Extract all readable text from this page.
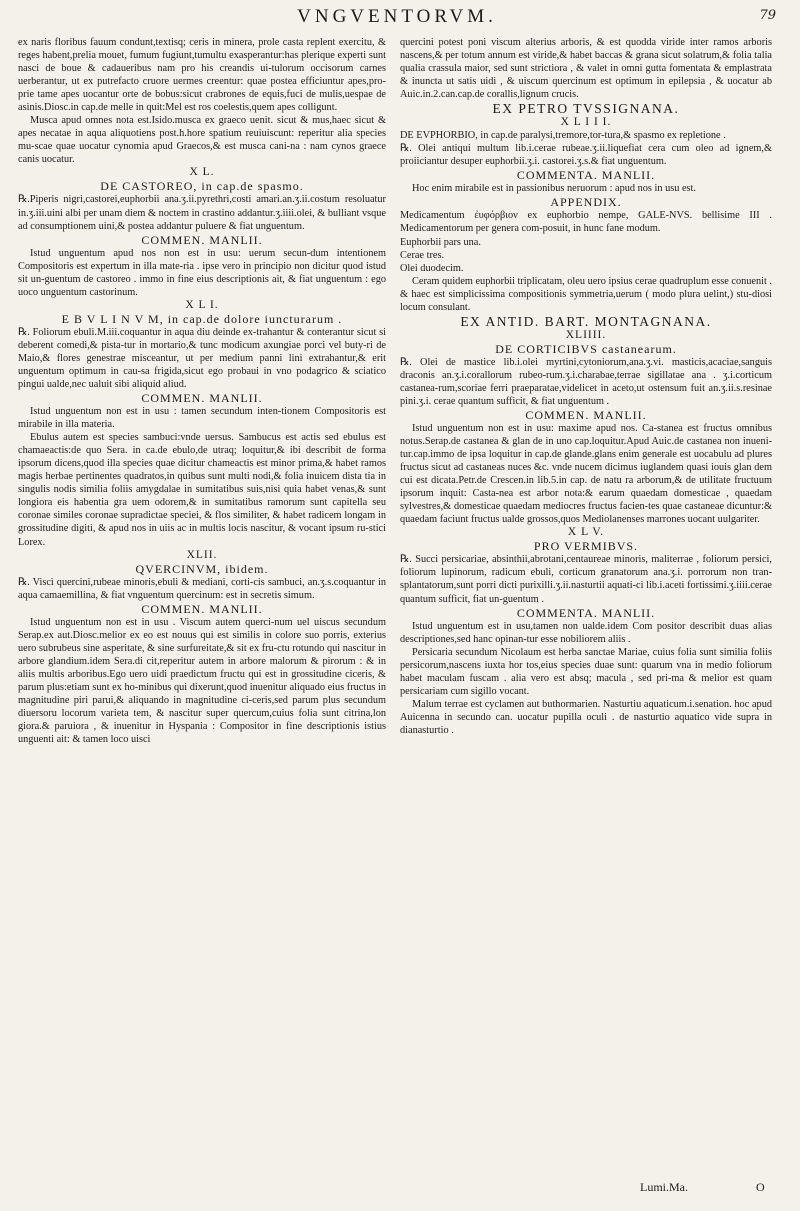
VNGVENTORVM.	79

ex naris floribus fauum condunt,textisq; ceris in minera, prole casta replent exercitu, & reges habent,prelia mouet, fumum fugiunt,tumultu exasperantur:has plerique experti sunt nasci de boue & cadaueribus nam pro his creandis ui-tulorum occisorum carnes uerberantur, ut ex putrefacto cruore uermes creentur: quae postea efficiuntur apes,pro-prie tame apes uocantur orte de bobus:sicut crabrones de equis,fuci de mulis,uespae de asinis.Diosc.in cap.de melle in quit:Mel est ros coelestis,quem apes colligunt.

Musca apud omnes nota est.Isido.musca ex graeco uenit. sicut & mus,haec sicut & apes necatae in aqua aliquotiens post.h.hore spatium reuiuiscunt: reperitur alia species mu-scae quae uocatur cynomia apud Graecos,& est musca cani-na : nam cynos graece canis uocatur.

X L.

DE CASTOREO, in cap.de spasmo.

℞.Piperis nigri,castorei,euphorbii ana.ʒ.ii.pyrethri,costi amari.an.ʒ.ii.costum resoluatur in.ʒ.iii.uini albi per unam diem & noctem in crastino addantur.ʒ.iiii.olei, & bulliant vsque ad consumptionem uini,& postea addantur puluere & fiat unguentum.

COMMEN. MANLII.

Istud unguentum apud nos non est in usu: uerum secun-dum intentionem Compositoris est expertum in illa mate-ria . ipse vero in principio non dicitur quod istud sit un-guentum de castoreo . immo in fine eius descriptionis ait, & fiat unguentum : ego uoco unguentum castorinum.

X L I.

E B V L I N V M, in cap.de dolore iuncturarum .

℞. Foliorum ebuli.M.iii.coquantur in aqua diu deinde ex-trahantur & conterantur sicut si deberent comedi,& pista-tur in mortario,& tunc modicum axungiae porci vel buty-ri de Maio,& flores genestrae misceantur, ut per medium panni lini extrahantur,& erit unguentum optimum in cau-sa frigida,sicut ego probaui in vno podagrico & sciatico pingui ualde,nec ualuit sibi aliquid aliud.

COMMEN. MANLII.

Istud unguentum non est in usu : tamen secundum inten-tionem Compositoris est mirabile in illa materia.

Ebulus autem est species sambuci:vnde uersus. Sambucus est actis sed ebulus est chamaeactis:de quo Sera. in ca.de ebulo,de utraq; loquitur,& ibi describit de forma ipsorum dicens,quod illa species quae dicitur chameactis est minor prima,& habet ramos magis herbae pertinentes quadratos,in quibus sunt multi nodi,& folia inuicem dista tia in singulis nodis similia foliis amygdalae in sumitatibus suis,nisi quia habet venas,& sunt longiora eis habentia gra uem odorem,& in sumitatibus ramorum sunt capitella seu coronae similes coronae supradictae speciei, & flos similiter, & habet radicem longam in grossitudine digiti, & apud nos in uiis ac in multis locis nascitur, & vocant ipsum ru-stici Lorex.

XLII.

QVERCINVM, ibidem.

℞. Viscì quercini,rubeae minoris,ebuli & mediani, corti-cis sambuci, an.ʒ.s.coquantur in aqua camaemillina, & fiat vnguentum quercinum: est in secretis simum.

COMMEN. MANLII.

Istud unguentum non est in usu . Viscum autem querci-num uel uiscus secundum Serap.ex aut.Diosc.melior ex eo est nouus qui est similis in colore suo porris, exterius uero subrubeus sine asperitate, & sine surfureitate,& sit ex fru-ctu rotundo qui nascitur in arbore glandium.idem Sera.di cit,reperitur autem in arbore malorum & pirorum : & in aliis multis arboribus.Ego uero uidi praedictum fructu qui est in grossitudine ciceris, & parum plus:etiam sunt ex ho-minibus qui dixerunt,quod inuenitur aliquado eius fructus in magnitudine piri parui,& aliquando in magnitudine ci-ceris,sed parum plus secundum diuersoru locorum varieta tem, & nascitur super quercum,cuius folia sunt citrina,lon giora.& paruiora , & inuenitur in Hyspania : Compositor in fine descriptionis istius unguenti ait: & tamen loco uisci

quercini potest poni viscum alterius arboris, & est quodda viride inter ramos arboris nascens,& per totum annum est viride,& habet baccas & grana sicut solatrum,& folia talia qualia crassula maior, sed sunt strictiora , & valet in omni gutta fomentata & emplastrata & inuncta ut satis uidi , & uiscum quercinum est optimum in epilepsia , & uocatur ab Auic.in.2.can.cap.de corallis,lignum crucis.

EX PETRO TVSSIGNANA.

X L I I I.

DE EVPHORBIO, in cap.de paralysi,tremore,tor-tura,& spasmo ex repletione .

℞. Olei antiqui multum lib.i.cerae rubeae.ʒ.ii.liquefiat cera cum oleo ad ignem,& proiiciantur desuper euphorbii.ʒ.i. castorei.ʒ.s.& fiat unguentum.

COMMENTA. MANLII.

Hoc enim mirabile est in passionibus neruorum : apud nos in usu est.

APPENDIX.

Medicamentum ἐυφόρβιον ex euphorbio nempe, GALE-NVS. bellisime III . Medicamentorum per genera com-posuit, in hunc fane modum.

Euphorbii pars una.

Cerae tres.

Olei duodecim.

Ceram quidem euphorbii triplicatam, oleu uero ipsius cerae quadruplum esse conuenit . & haec est simplicissima compositionis symmetria,uerum ( modo plura uelint,) stu-diosi locum consulant.

EX ANTID. BART. MONTAGNANA.

XLIIII.

DE CORTICIBVS castanearum.

℞. Olei de mastice lib.i.olei myrtini,cytoniorum,ana.ʒ.vi. masticis,acaciae,sanguis draconis an.ʒ.i.corallorum rubeo-rum.ʒ.i.charabae,terrae sigillatae ana . ʒ.i.corticum castanea-rum,scoriae ferri praeparatae,videlicet in aceto,ut ostensum fuit an.ʒ.ii.s.resinae pini.ʒ.i. cerae quantum sufficit, & fiat unguentum .

COMMEN. MANLII.

Istud unguentum non est in usu: maxime apud nos. Ca-stanea est fructus omnibus notus.Serap.de castanea & glan de in uno cap.loquitur.Apud Auic.de castanea non inueni-tur.cap.immo de ipsa loquitur in cap.de glande.glans enim generale est uocabulu ad plures fructus sicut ad castaneas nuces &c. vnde nucem dicimus iuglandem quasi iouis glan dem cui est dicata.Petr.de Crescen.in lib.5.in cap. de natu ra arborum,& de utilitate fructuum ipsorum inquit: Casta-nea est arbor nota:& earum quaedam domesticae , quaedam sylvestres,& domesticae quaedam mediocres fructus facien-tes quae castaneae dicuntur:& quaedam faciunt fructus ualde grossos,quos Mediolanenses marrones uocant uulgariter.

X L V.

PRO VERMIBVS.

℞. Succi persicariae, absinthii,abrotani,centaureae minoris, maliterrae , foliorum persici, foliorum lupinorum, radicum ebuli, corticum granatorum ana.ʒ.i. porrorum non tran-splantatorum,sunt porri dicti purixilli.ʒ.ii.nasturtii aquati-ci lib.i.aceti fortissimi.ʒ.iiii.cerae quantum sufficit, fiat un-guentum .

COMMENTA. MANLII.

Istud unguentum est in usu,tamen non ualde.idem Com positor describit duas alias descriptiones,sed hanc opinan-tur esse nobiliorem aliis .

Persicaria secundum Nicolaum est herba sanctae Mariae, cuius folia sunt similia foliis persicorum,nascens iuxta hor tos,eius species duae sunt: quarum vna in medio foliorum habet maculam fuscam . alia vero est absq; macula , sed pri-ma & melior est quam persicariam cum sigillo vocant.

Malum terrae est cyclamen aut buthormarien. Nasturtiu aquaticum.i.senation. hoc apud Auicenna in secundo can. uocatur pupilla oculi . de nasturtio aquatico vide supra in dianasturtio .

Lumi.Ma.	O
